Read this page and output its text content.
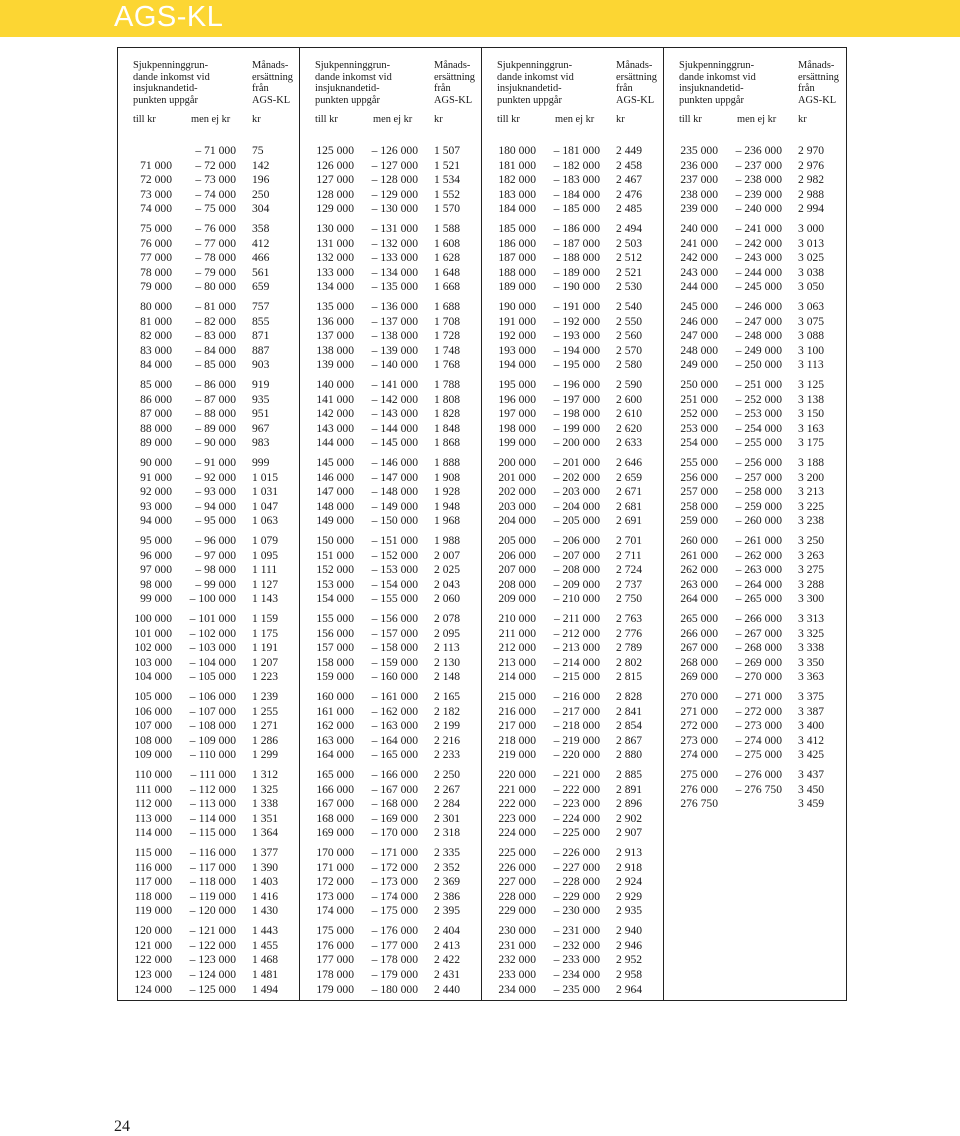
AGS-KL
Sjukpenninggrun-
dande inkomst vid
insjuknandetid-
punkten uppgår
Månads-
ersättning
från
AGS-KL
till kr	men ej kr kr
– 71 000 75
71 000 – 72 000 142
72 000 – 73 000 196
73 000 – 74 000 250
74 000 – 75 000 304
75 000 – 76 000 358
76 000 – 77 000 412
77 000 – 78 000 466
78 000 – 79 000 561
79 000 – 80 000 659
80 000 – 81 000 757
81 000 – 82 000 855
82 000 – 83 000 871
83 000 – 84 000 887
84 000 – 85 000 903
85 000 – 86 000 919
86 000 – 87 000 935
87 000 – 88 000 951
88 000 – 89 000 967
89 000 – 90 000 983
90 000 – 91 000 999
91 000 – 92 000 1 015
92 000 – 93 000 1 031
93 000 – 94 000 1 047
94 000 – 95 000 1 063
95 000 – 96 000 1 079
96 000 – 97 000 1 095
97 000 – 98 000 1 111
98 000 – 99 000 1 127
99 000 – 100 000 1 143
100 000 – 101 000 1 159
101 000 – 102 000 1 175
102 000 – 103 000 1 191
103 000 – 104 000 1 207
104 000 – 105 000 1 223
105 000 – 106 000 1 239
106 000 – 107 000 1 255
107 000 – 108 000 1 271
108 000 – 109 000 1 286
109 000 – 110 000 1 299
110 000 – 111 000 1 312
111 000 – 112 000 1 325
112 000 – 113 000 1 338
113 000 – 114 000 1 351
114 000 – 115 000 1 364
115 000 – 116 000 1 377
116 000 – 117 000 1 390
117 000 – 118 000 1 403
118 000 – 119 000 1 416
119 000 – 120 000 1 430
120 000 – 121 000 1 443
121 000 – 122 000 1 455
122 000 – 123 000 1 468
123 000 – 124 000 1 481
124 000 – 125 000 1 494
Sjukpenninggrun-
dande inkomst vid
insjuknandetid-
punkten uppgår
Månads-
ersättning
från
AGS-KL
till kr	men ej kr kr
125 000 – 126 000 1 507
126 000 – 127 000 1 521
127 000 – 128 000 1 534
128 000 – 129 000 1 552
129 000 – 130 000 1 570
130 000 – 131 000 1 588
131 000 – 132 000 1 608
132 000 – 133 000 1 628
133 000 – 134 000 1 648
134 000 – 135 000 1 668
135 000 – 136 000 1 688
136 000 – 137 000 1 708
137 000 – 138 000 1 728
138 000 – 139 000 1 748
139 000 – 140 000 1 768
140 000 – 141 000 1 788
141 000 – 142 000 1 808
142 000 – 143 000 1 828
143 000 – 144 000 1 848
144 000 – 145 000 1 868
145 000 – 146 000 1 888
146 000 – 147 000 1 908
147 000 – 148 000 1 928
148 000 – 149 000 1 948
149 000 – 150 000 1 968
150 000 – 151 000 1 988
151 000 – 152 000 2 007
152 000 – 153 000 2 025
153 000 – 154 000 2 043
154 000 – 155 000 2 060
155 000 – 156 000 2 078
156 000 – 157 000 2 095
157 000 – 158 000 2 113
158 000 – 159 000 2 130
159 000 – 160 000 2 148
160 000 – 161 000 2 165
161 000 – 162 000 2 182
162 000 – 163 000 2 199
163 000 – 164 000 2 216
164 000 – 165 000 2 233
165 000 – 166 000 2 250
166 000 – 167 000 2 267
167 000 – 168 000 2 284
168 000 – 169 000 2 301
169 000 – 170 000 2 318
170 000 – 171 000 2 335
171 000 – 172 000 2 352
172 000 – 173 000 2 369
173 000 – 174 000 2 386
174 000 – 175 000 2 395
175 000 – 176 000 2 404
176 000 – 177 000 2 413
177 000 – 178 000 2 422
178 000 – 179 000 2 431
179 000 – 180 000 2 440
Sjukpenninggrun-
dande inkomst vid
insjuknandetid-
punkten uppgår
Månads-
ersättning
från
AGS-KL
till kr	men ej kr kr
180 000 – 181 000 2 449
181 000 – 182 000 2 458
182 000 – 183 000 2 467
183 000 – 184 000 2 476
184 000 – 185 000 2 485
185 000 – 186 000 2 494
186 000 – 187 000 2 503
187 000 – 188 000 2 512
188 000 – 189 000 2 521
189 000 – 190 000 2 530
190 000 – 191 000 2 540
191 000 – 192 000 2 550
192 000 – 193 000 2 560
193 000 – 194 000 2 570
194 000 – 195 000 2 580
195 000 – 196 000 2 590
196 000 – 197 000 2 600
197 000 – 198 000 2 610
198 000 – 199 000 2 620
199 000 – 200 000 2 633
200 000 – 201 000 2 646
201 000 – 202 000 2 659
202 000 – 203 000 2 671
203 000 – 204 000 2 681
204 000 – 205 000 2 691
205 000 – 206 000 2 701
206 000 – 207 000 2 711
207 000 – 208 000 2 724
208 000 – 209 000 2 737
209 000 – 210 000 2 750
210 000 – 211 000 2 763
211 000 – 212 000 2 776
212 000 – 213 000 2 789
213 000 – 214 000 2 802
214 000 – 215 000 2 815
215 000 – 216 000 2 828
216 000 – 217 000 2 841
217 000 – 218 000 2 854
218 000 – 219 000 2 867
219 000 – 220 000 2 880
220 000 – 221 000 2 885
221 000 – 222 000 2 891
222 000 – 223 000 2 896
223 000 – 224 000 2 902
224 000 – 225 000 2 907
225 000 – 226 000 2 913
226 000 – 227 000 2 918
227 000 – 228 000 2 924
228 000 – 229 000 2 929
229 000 – 230 000 2 935
230 000 – 231 000 2 940
231 000 – 232 000 2 946
232 000 – 233 000 2 952
233 000 – 234 000 2 958
234 000 – 235 000 2 964
Sjukpenninggrun-
dande inkomst vid
insjuknandetid-
punkten uppgår
Månads-
ersättning
från
AGS-KL
till kr	men ej kr kr
235 000 – 236 000 2 970
236 000 – 237 000 2 976
237 000 – 238 000 2 982
238 000 – 239 000 2 988
239 000 – 240 000 2 994
240 000 – 241 000 3 000
241 000 – 242 000 3 013
242 000 – 243 000 3 025
243 000 – 244 000 3 038
244 000 – 245 000 3 050
245 000 – 246 000 3 063
246 000 – 247 000 3 075
247 000 – 248 000 3 088
248 000 – 249 000 3 100
249 000 – 250 000 3 113
250 000 – 251 000 3 125
251 000 – 252 000 3 138
252 000 – 253 000 3 150
253 000 – 254 000 3 163
254 000 – 255 000 3 175
255 000 – 256 000 3 188
256 000 – 257 000 3 200
257 000 – 258 000 3 213
258 000 – 259 000 3 225
259 000 – 260 000 3 238
260 000 – 261 000 3 250
261 000 – 262 000 3 263
262 000 – 263 000 3 275
263 000 – 264 000 3 288
264 000 – 265 000 3 300
265 000 – 266 000 3 313
266 000 – 267 000 3 325
267 000 – 268 000 3 338
268 000 – 269 000 3 350
269 000 – 270 000 3 363
270 000 – 271 000 3 375
271 000 – 272 000 3 387
272 000 – 273 000 3 400
273 000 – 274 000 3 412
274 000 – 275 000 3 425
275 000 – 276 000 3 437
276 000 – 276 750 3 450
276 750	3 459
24
